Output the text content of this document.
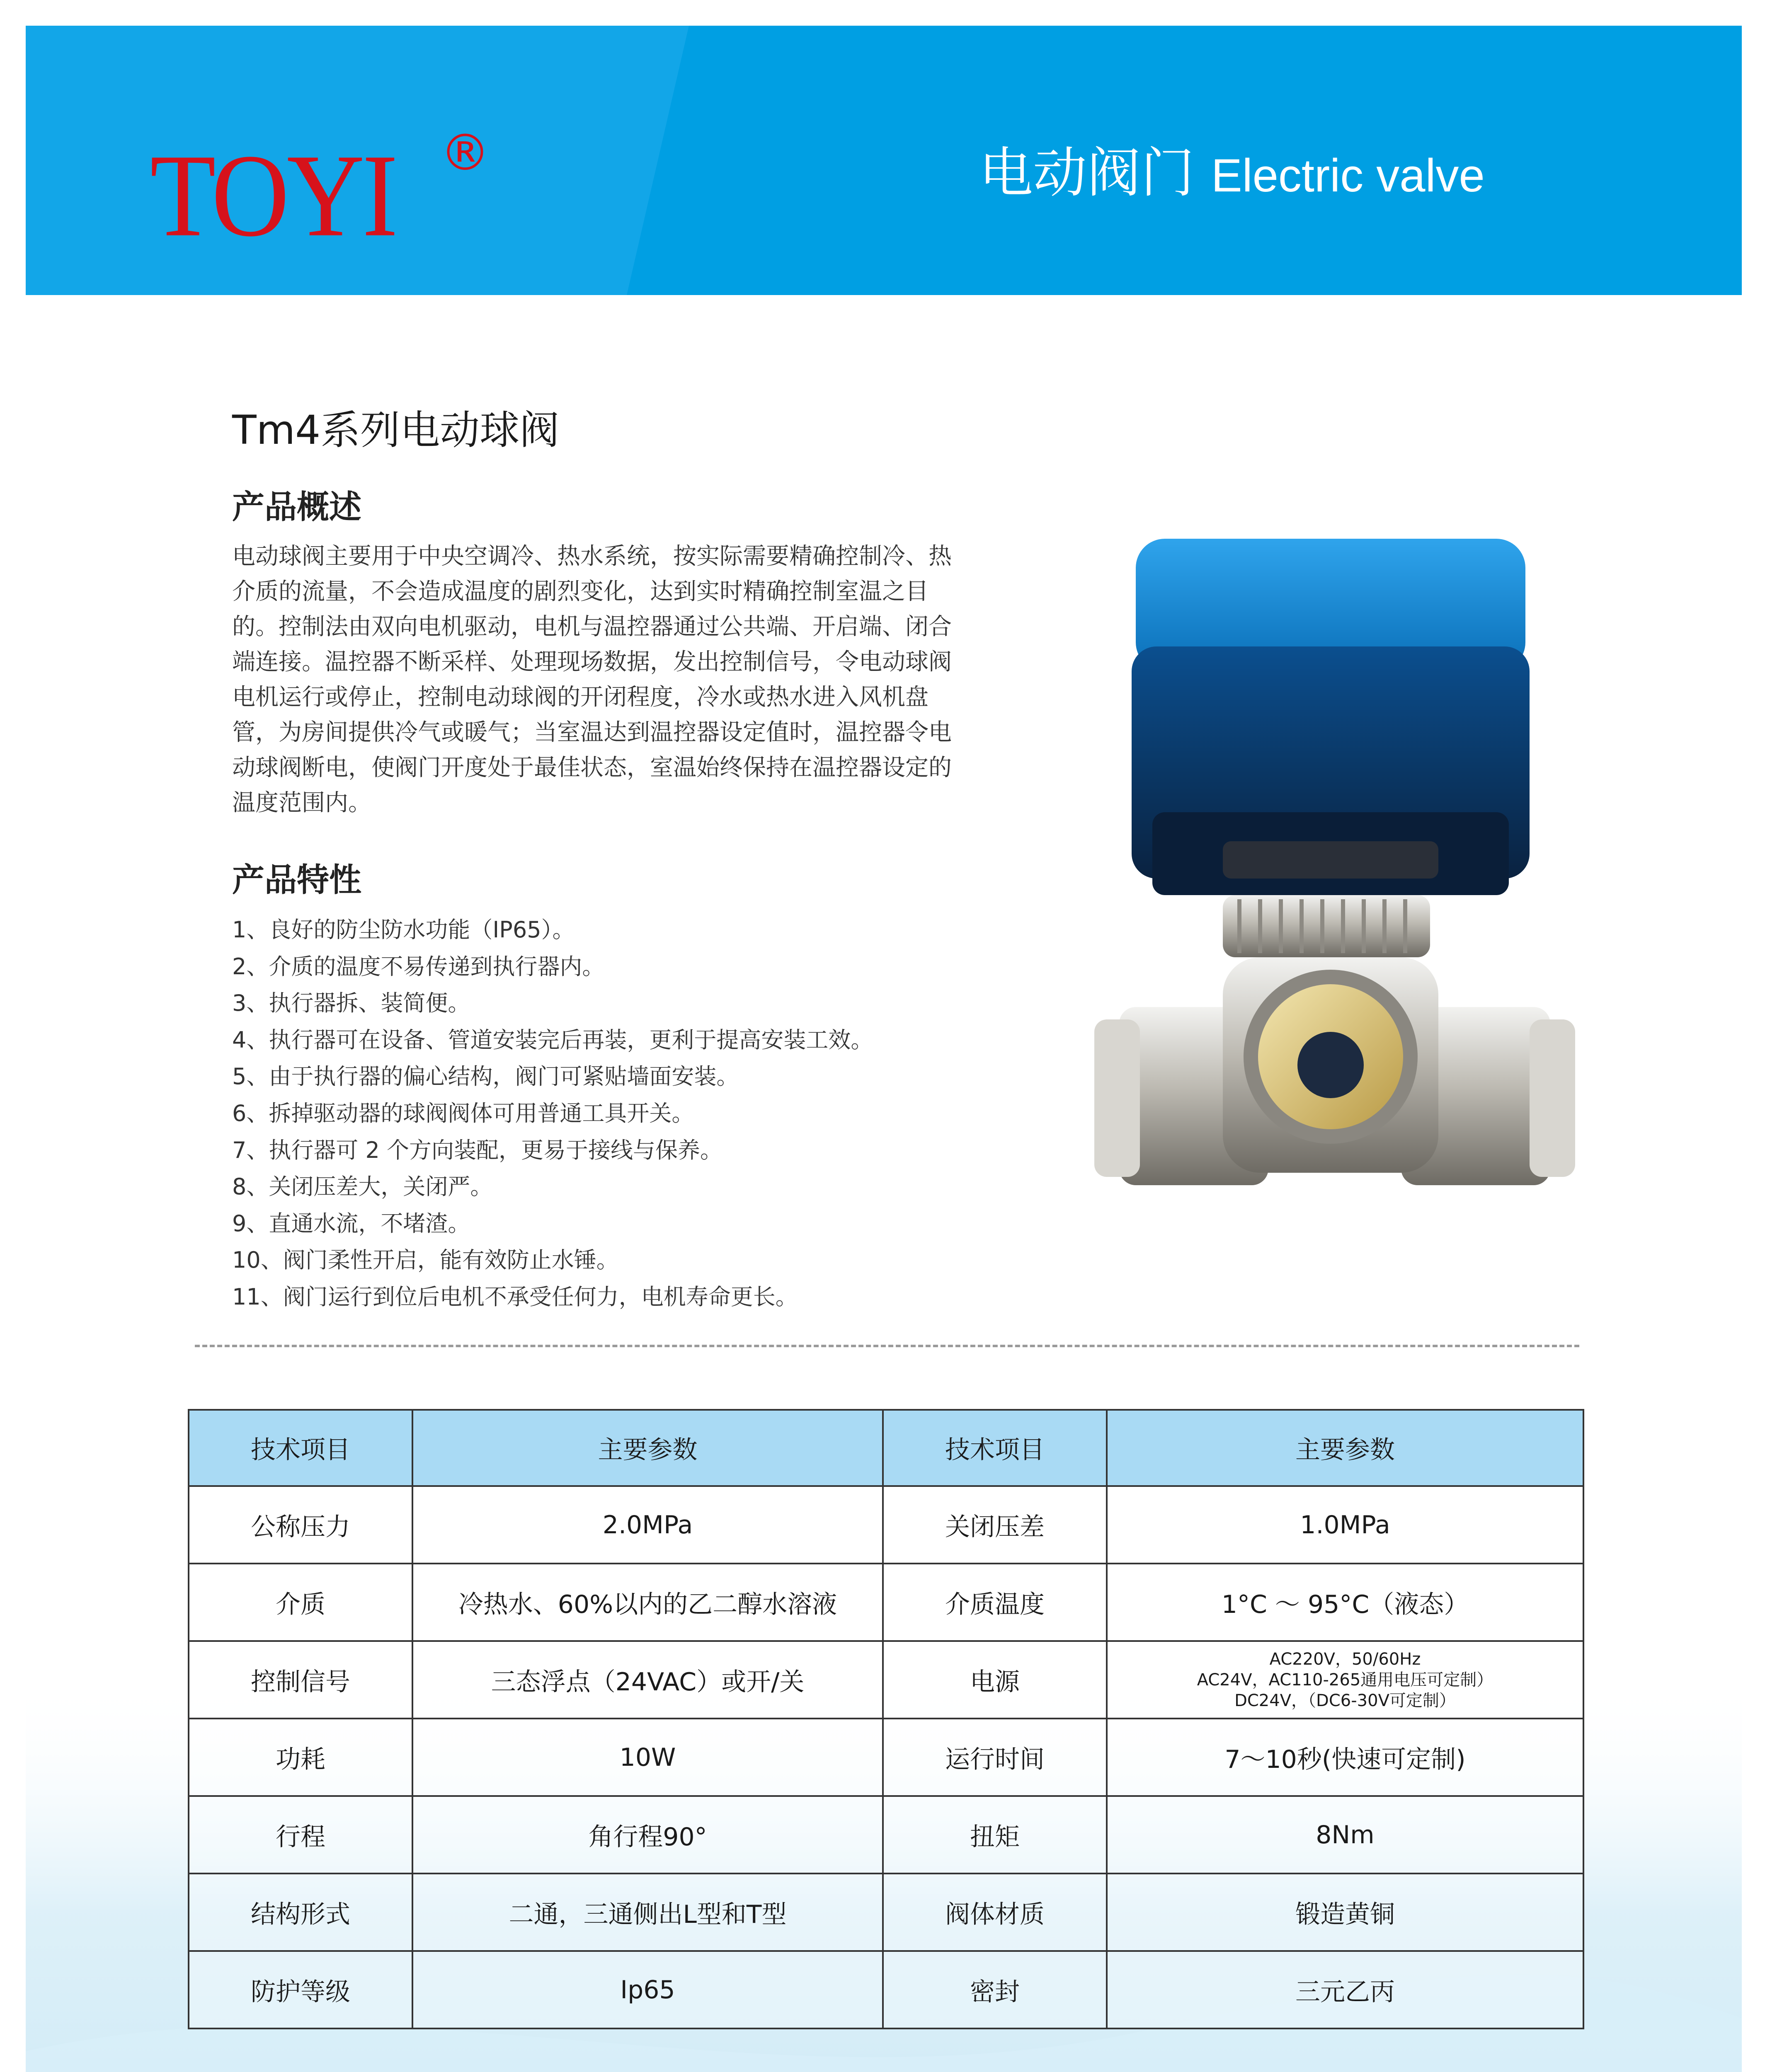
TOYI ®	电动阀门 Electric valve
Tm4系列电动球阀
产品概述

电动球阀主要用于中央空调冷、热水系统，按实际需要精确控制冷、热介质的流量，不会造成温度的剧烈变化，达到实时精确控制室温之目的。控制法由双向电机驱动，电机与温控器通过公共端、开启端、闭合端连接。温控器不断采样、处理现场数据，发出控制信号，令电动球阀电机运行或停止，控制电动球阀的开闭程度，冷水或热水进入风机盘管，为房间提供冷气或暖气；当室温达到温控器设定值时，温控器令电动球阀断电，使阀门开度处于最佳状态，室温始终保持在温控器设定的温度范围内。

产品特性
1、良好的防尘防水功能（IP65）。
2、介质的温度不易传递到执行器内。
3、执行器拆、装简便。
4、执行器可在设备、管道安装完后再装，更利于提高安装工效。
5、由于执行器的偏心结构，阀门可紧贴墙面安装。
6、拆掉驱动器的球阀阀体可用普通工具开关。
7、执行器可 2 个方向装配，更易于接线与保养。
8、关闭压差大，关闭严。
9、直通水流，不堵渣。
10、阀门柔性开启，能有效防止水锤。
11、阀门运行到位后电机不承受任何力，电机寿命更长。
技术项目	主要参数	技术项目	主要参数
公称压力	2.0MPa	关闭压差	1.0MPa
介质	冷热水、60%以内的乙二醇水溶液	介质温度	1°C ～ 95°C（液态）
控制信号	三态浮点（24VAC）或开/关	电源	AC220V，50/60Hz
AC24V，AC110-265通用电压可定制）
DC24V，（DC6-30V可定制）

功耗	10W	运行时间	7～10秒(快速可定制)
行程	角行程90°	扭矩	8Nm
结构形式	二通，三通侧出L型和T型	阀体材质	锻造黄铜
防护等级	Ip65	密封	三元乙丙
